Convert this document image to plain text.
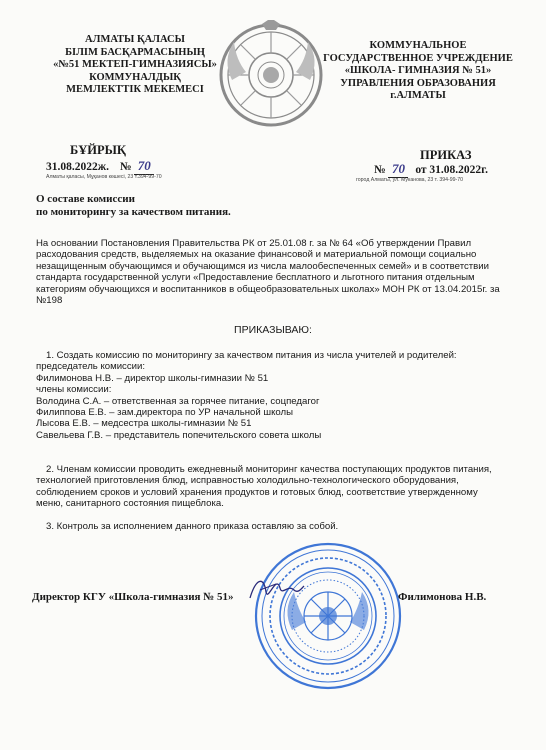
АЛМАТЫ ҚАЛАСЫ
БІЛІМ БАСҚАРМАСЫНЫҢ
«№51 МЕКТЕП-ГИМНАЗИЯСЫ»
КОММУНАЛДЫҚ
МЕМЛЕКТТІК МЕКЕМЕСІ
КОММУНАЛЬНОЕ
ГОСУДАРСТВЕННОЕ УЧРЕЖДЕНИЕ
«ШКОЛА- ГИМНАЗИЯ № 51»
УПРАВЛЕНИЯ ОБРАЗОВАНИЯ
г.АЛМАТЫ
БҰЙРЫҚ
31.08.2022ж. № 70
Алматы қаласы, Мұқанов көшесі, 23 т.394-99-70
ПРИКАЗ
№ 70 от 31.08.2022г.
город Алматы, ул. Муканова, 23 т. 394-99-70
О составе комиссии
по мониторингу за качеством питания.
На основании Постановления Правительства РК от 25.01.08 г. за № 64 «Об утверждении Правил расходования средств, выделяемых на оказание финансовой и материальной помощи социально незащищенным обучающимся и обучающимся из числа малообеспеченных семей» и в соответствии стандарта государственной услуги «Предоставление бесплатного и льготного питания отдельным категориям обучающихся и воспитанников в общеобразовательных школах» МОН РК от 13.04.2015г. за №198
ПРИКАЗЫВАЮ:
1. Создать комиссию по мониторингу за качеством питания из числа учителей и родителей:
председатель комиссии:
Филимонова Н.В. – директор школы-гимназии № 51
члены комиссии:
Володина С.А. – ответственная за горячее питание, соцпедагог
Филиппова Е.В. – зам.директора по УР начальной школы
Лысова Е.В. – медсестра школы-гимназии № 51
Савельева Г.В. – представитель попечительского совета школы
2. Членам комиссии проводить ежедневный мониторинг качества поступающих продуктов питания, технологией приготовления блюд, исправностью холодильно-технологического оборудования, соблюдением сроков и условий хранения продуктов и готовых блюд, соответствие утвержденному меню, санитарного состояния пищеблока.
3. Контроль за исполнением данного приказа оставляю за собой.
Директор КГУ «Школа-гимназия № 51»	Филимонова Н.В.
